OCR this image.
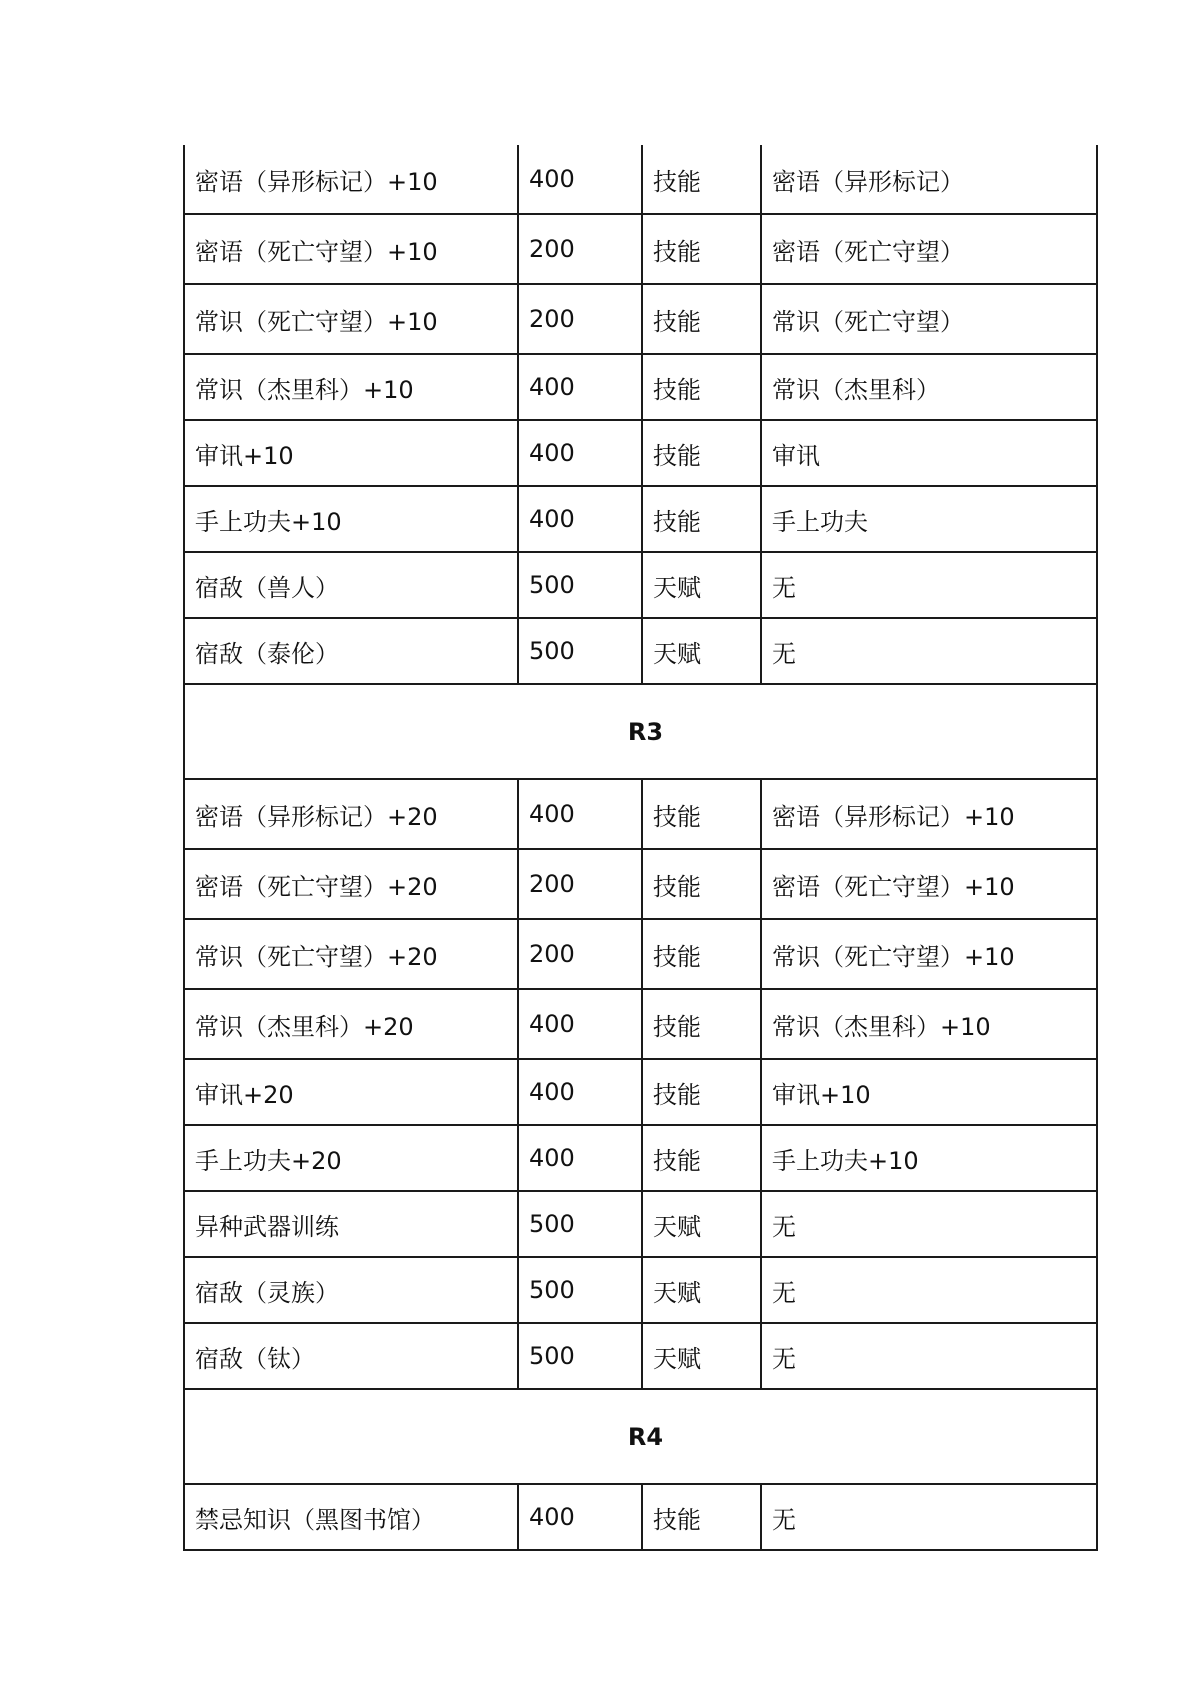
密语（异形标记）+10	400	技能	密语（异形标记）
密语（死亡守望）+10	200	技能	密语（死亡守望）
常识（死亡守望）+10	200	技能	常识（死亡守望）
常识（杰里科）+10	400	技能	常识（杰里科）
审讯+10	400	技能	审讯
手上功夫+10	400	技能	手上功夫
宿敌（兽人）	500	天赋	无
宿敌（泰伦）	500	天赋	无
R3			
密语（异形标记）+20	400	技能	密语（异形标记）+10
密语（死亡守望）+20	200	技能	密语（死亡守望）+10
常识（死亡守望）+20	200	技能	常识（死亡守望）+10
常识（杰里科）+20	400	技能	常识（杰里科）+10
审讯+20	400	技能	审讯+10
手上功夫+20	400	技能	手上功夫+10
异种武器训练	500	天赋	无
宿敌（灵族）	500	天赋	无
宿敌（钛）	500	天赋	无
R4			
禁忌知识（黑图书馆）	400	技能	无
